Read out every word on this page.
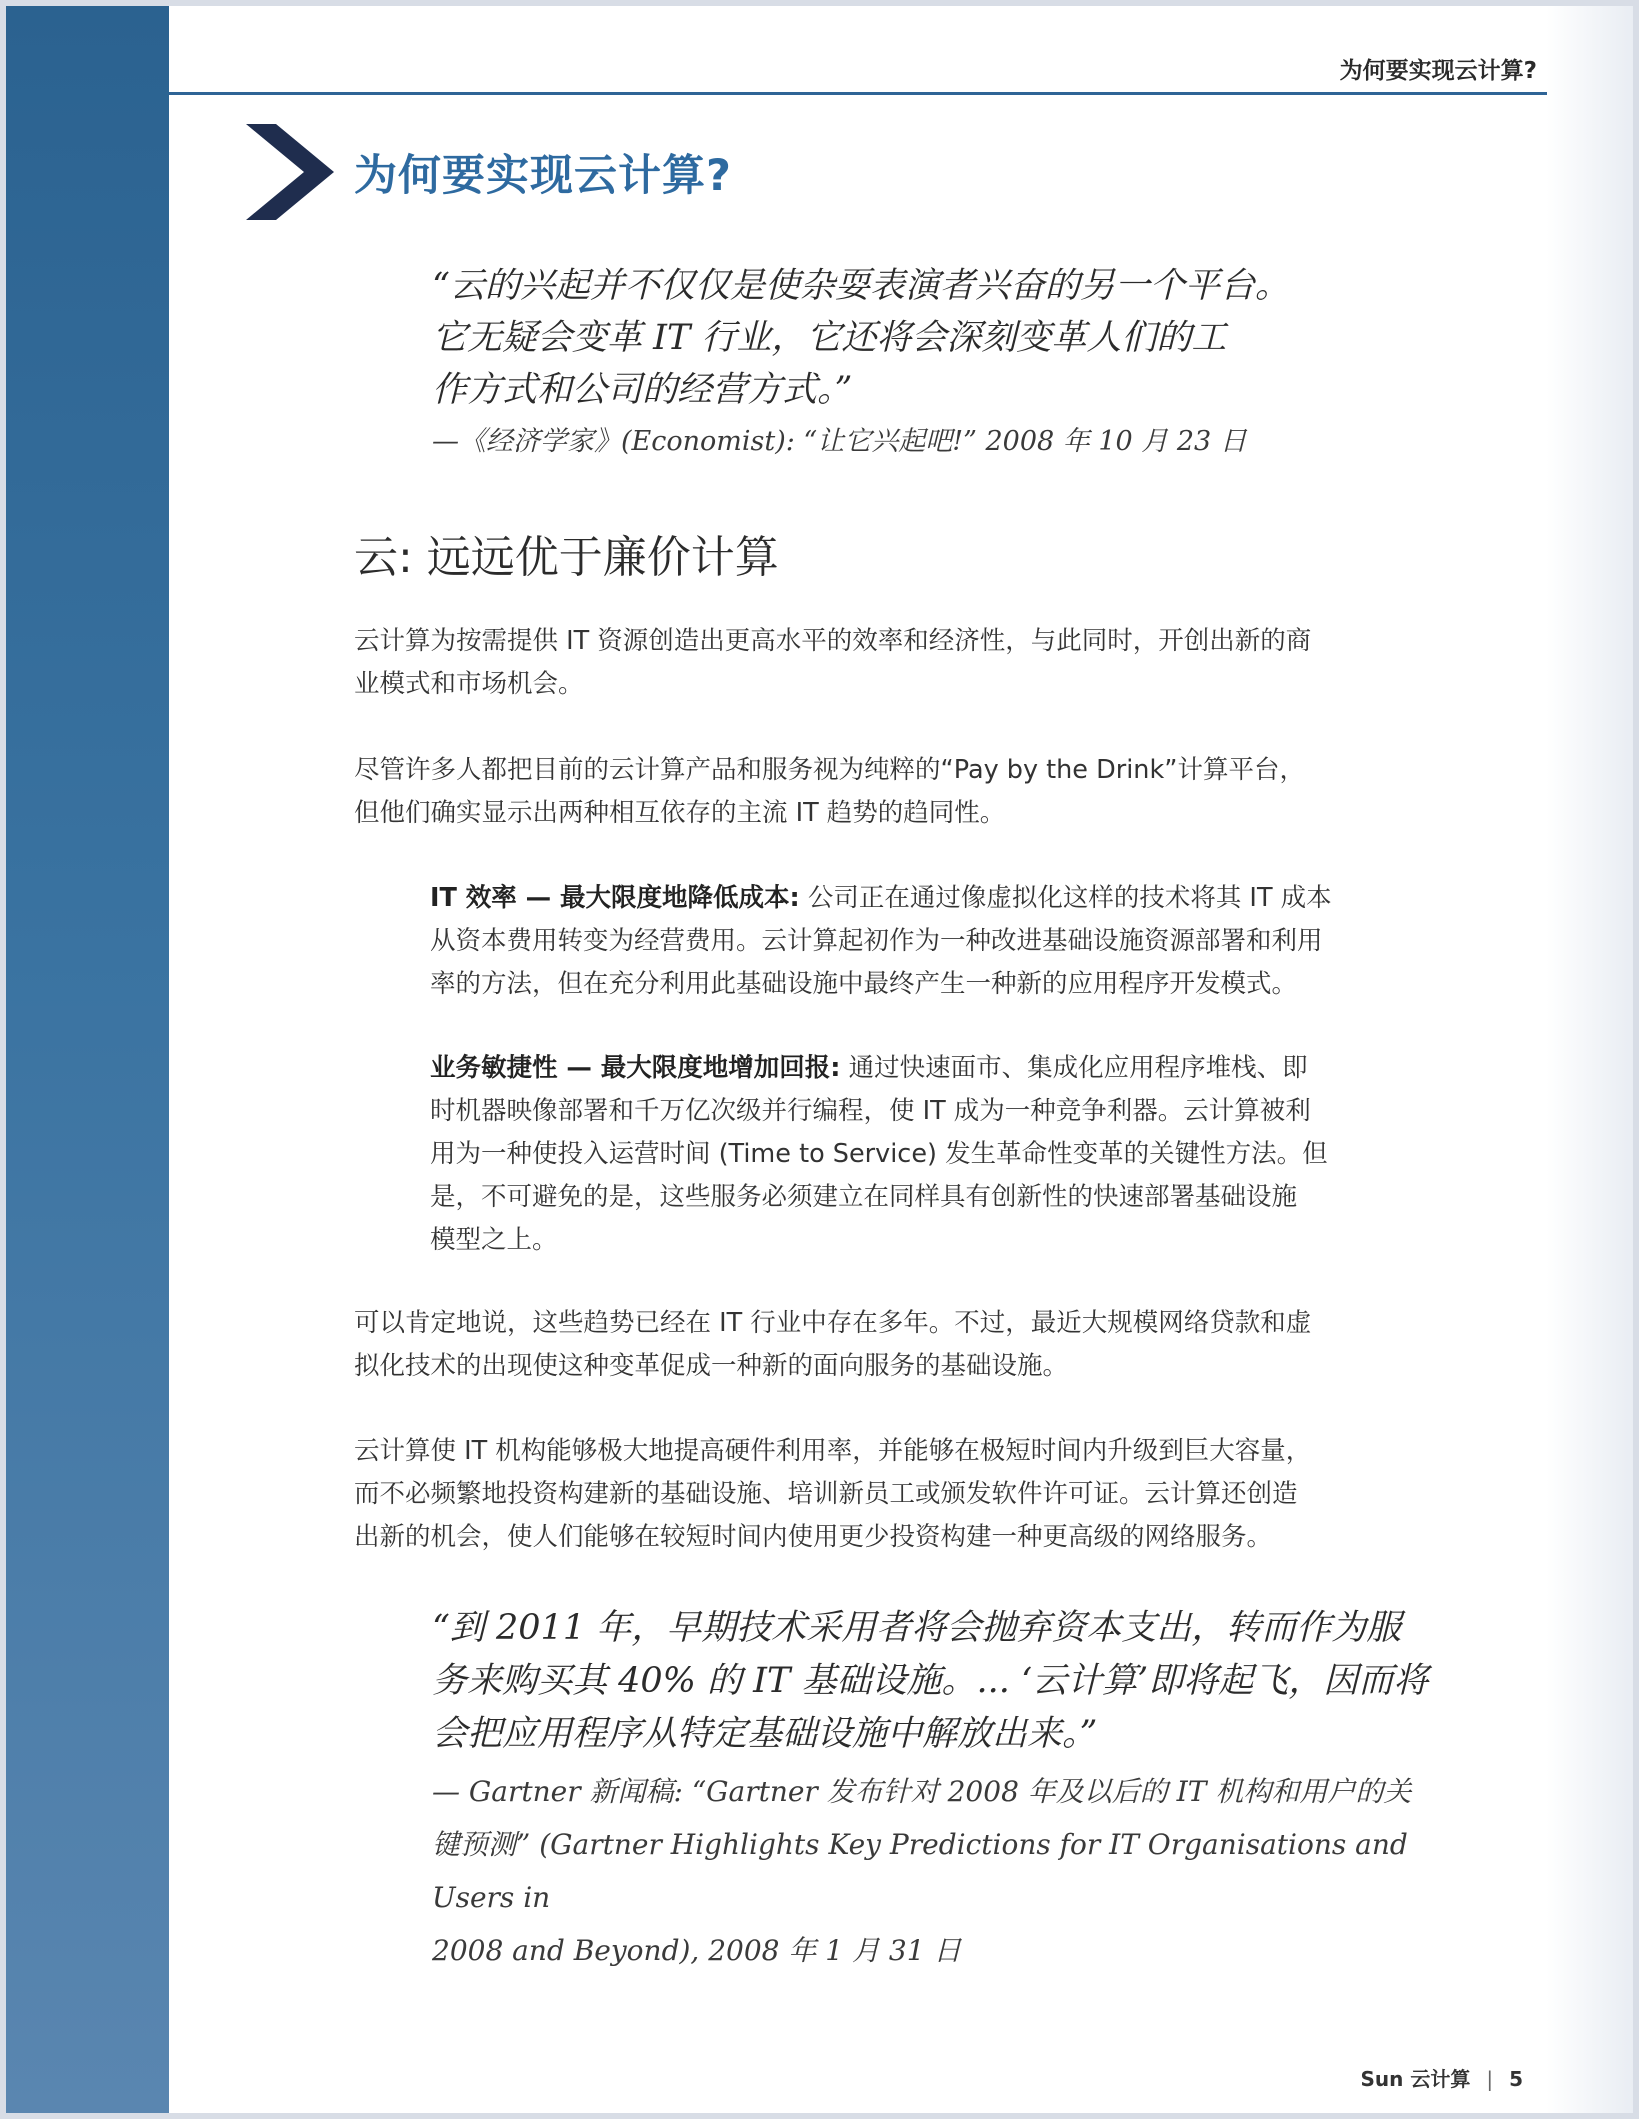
为何要实现云计算?
为何要实现云计算?

“云的兴起并不仅仅是使杂耍表演者兴奋的另一个平台。

它无疑会变革 IT 行业，它还将会深刻变革人们的工

作方式和公司的经营方式。”

—《经济学家》(Economist): “让它兴起吧!” 2008 年 10 月 23 日

云: 远远优于廉价计算

云计算为按需提供 IT 资源创造出更高水平的效率和经济性，与此同时，开创出新的商

业模式和市场机会。

尽管许多人都把目前的云计算产品和服务视为纯粹的“Pay by the Drink”计算平台，

但他们确实显示出两种相互依存的主流 IT 趋势的趋同性。

IT 效率 — 最大限度地降低成本: 公司正在通过像虚拟化这样的技术将其 IT 成本

从资本费用转变为经营费用。云计算起初作为一种改进基础设施资源部署和利用

率的方法，但在充分利用此基础设施中最终产生一种新的应用程序开发模式。

业务敏捷性 — 最大限度地增加回报: 通过快速面市、集成化应用程序堆栈、即

时机器映像部署和千万亿次级并行编程，使 IT 成为一种竞争利器。云计算被利

用为一种使投入运营时间 (Time to Service) 发生革命性变革的关键性方法。但

是，不可避免的是，这些服务必须建立在同样具有创新性的快速部署基础设施

模型之上。

可以肯定地说，这些趋势已经在 IT 行业中存在多年。不过，最近大规模网络贷款和虚

拟化技术的出现使这种变革促成一种新的面向服务的基础设施。

云计算使 IT 机构能够极大地提高硬件利用率，并能够在极短时间内升级到巨大容量，

而不必频繁地投资构建新的基础设施、培训新员工或颁发软件许可证。云计算还创造

出新的机会，使人们能够在较短时间内使用更少投资构建一种更高级的网络服务。

“到 2011 年，早期技术采用者将会抛弃资本支出，转而作为服

务来购买其 40% 的 IT 基础设施。... ‘云计算’即将起飞，因而将

会把应用程序从特定基础设施中解放出来。”

— Gartner 新闻稿: “Gartner 发布针对 2008 年及以后的 IT 机构和用户的关

键预测” (Gartner Highlights Key Predictions for IT Organisations and Users in

2008 and Beyond), 2008 年 1 月 31 日

Sun 云计算 | 5
